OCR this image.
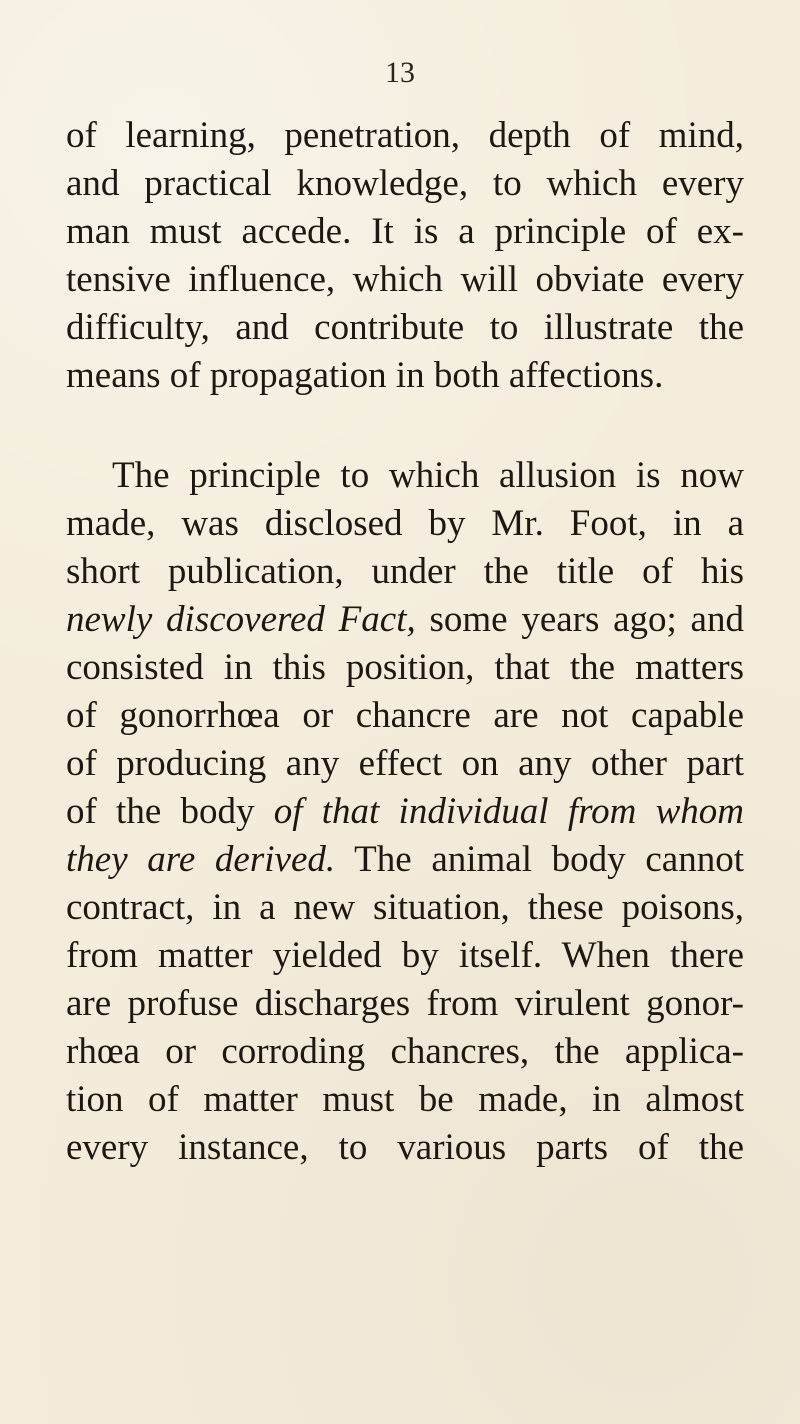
13
of learning, penetration, depth of mind,
and practical knowledge, to which every
man must accede. It is a principle of ex-
tensive influence, which will obviate every
difficulty, and contribute to illustrate the
means of propagation in both affections.
The principle to which allusion is now
made, was disclosed by Mr. Foot, in a
short publication, under the title of his
newly discovered Fact, some years ago; and
consisted in this position, that the matters
of gonorrhœa or chancre are not capable
of producing any effect on any other part
of the body of that individual from whom
they are derived. The animal body cannot
contract, in a new situation, these poisons,
from matter yielded by itself. When there
are profuse discharges from virulent gonor-
rhœa or corroding chancres, the applica-
tion of matter must be made, in almost
every instance, to various parts of the
